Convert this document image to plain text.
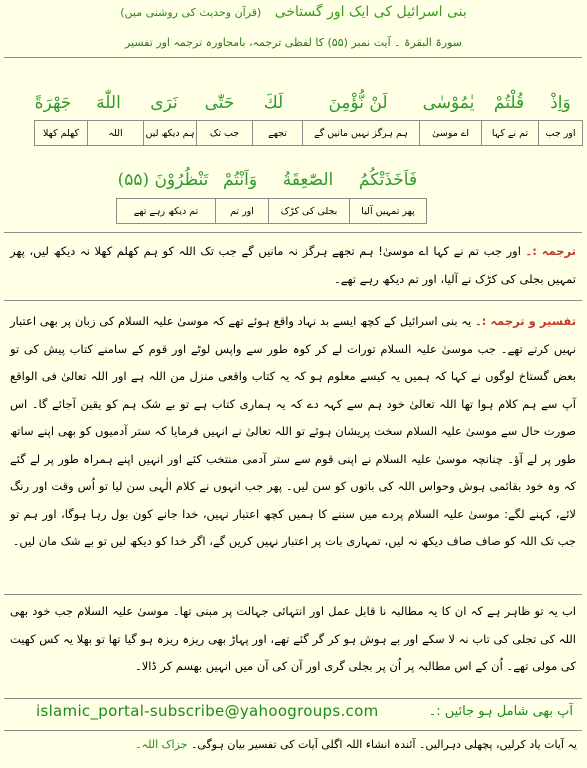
بنی اسرائیل کی ایک اور گستاخی   (قرآن وحدیث کی روشنی میں)
سورۃ البقرۃ ۔ آیت نمبر (۵۵) کا لفظی ترجمہ، بامحاورہ ترجمہ اور تفسیر
وَاِذْ
قُلْتُمْ
يٰمُوْسٰى
لَنْ نُّؤْمِنَ
لَكَ
حَتّٰى
نَرَى
اللّٰهَ
جَهْرَةً
اور جب
تم نے کہا
اے موسیٰ
ہم ہرگز نہیں مانیں گے
تجھے
جب تک
ہم دیکھ لیں
اللہ
کھلم کھلا
فَاَخَذَتْكُمُ
الصّٰعِقَةُ
وَاَنْتُمْ
تَنْظُرُوْنَ (۵۵)
پھر تمہیں آلیا
بجلی کی کڑک
اور تم
تم دیکھ رہے تھے
ترجمہ :۔ اور جب تم نے کہا اے موسیٰ! ہم تجھے ہرگز نہ مانیں گے جب تک اللہ کو ہم کھلم کھلا نہ دیکھ لیں، پھر تمہیں بجلی کی کڑک نے آلیا، اور تم دیکھ رہے تھے۔
تفسیر و ترجمہ :۔ یہ بنی اسرائیل کے کچھ ایسے بد نہاد واقع ہوئے تھے کہ موسیٰ علیہ السلام کی زبان پر بھی اعتبار نہیں کرتے تھے۔ جب موسیٰ علیہ السلام تورات لے کر کوہ طور سے واپس لوٹے اور قوم کے سامنے کتاب پیش کی تو بعض گستاخ لوگوں نے کہا کہ ہمیں یہ کیسے معلوم ہو کہ یہ کتاب واقعی منزل من اللہ ہے اور اللہ تعالیٰ فی الواقع آپ سے ہم کلام ہوا تھا اللہ تعالیٰ خود ہم سے کہہ دے کہ یہ ہماری کتاب ہے تو بے شک ہم کو یقین آجائے گا۔ اس صورت حال سے موسیٰ علیہ السلام سخت پریشان ہوئے تو اللہ تعالیٰ نے انہیں فرمایا کہ ستر آدمیوں کو بھی اپنے ساتھ طور پر لے آؤ۔ چنانچہ موسیٰ علیہ السلام نے اپنی قوم سے ستر آدمی منتخب کئے اور انہیں اپنے ہمراہ طور پر لے گئے کہ وہ خود بقائمی ہوش وحواس اللہ کی باتوں کو سن لیں۔ پھر جب انہوں نے کلام الٰہی سن لیا تو اُس وقت اور رنگ لائے، کہنے لگے: موسیٰ علیہ السلام پردے میں سننے کا ہمیں کچھ اعتبار نہیں، خدا جانے کون بول رہا ہوگا، اور ہم تو جب تک اللہ کو صاف صاف دیکھ نہ لیں، تمہاری بات پر اعتبار نہیں کریں گے، اگر خدا کو دیکھ لیں تو بے شک مان لیں۔
اب یہ تو ظاہر ہے کہ ان کا یہ مطالبہ نا قابل عمل اور انتہائی جہالت پر مبنی تھا۔ موسیٰ علیہ السلام جب خود بھی اللہ کی تجلی کی تاب نہ لا سکے اور بے ہوش ہو کر گر گئے تھے، اور پہاڑ بھی ریزہ ریزہ ہو گیا تھا تو بھلا یہ کس کھیت کی مولی تھے۔ اُن کے اس مطالبہ پر اُن پر بجلی گری اور آن کی آن میں انہیں بھسم کر ڈالا۔
islamic_portal-subscribe@yahoogroups.com	آپ بھی شامل ہو جائیں :۔
یہ آیات یاد کرلیں، پچھلی دہرالیں۔ آئندہ انشاء اللہ اگلی آیات کی تفسیر بیان ہوگی۔ جزاک اللہ۔
